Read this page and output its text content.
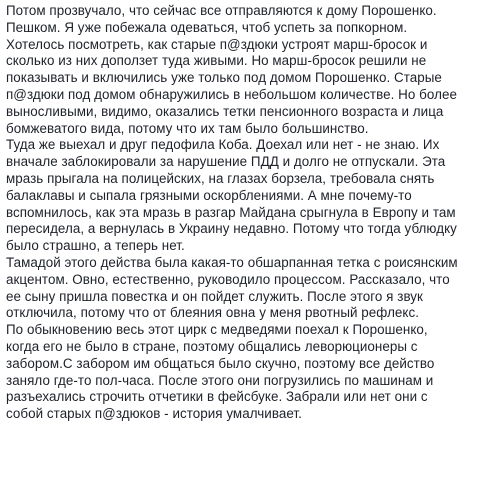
Потом прозвучало, что сейчас все отправляются к дому Порошенко.
Пешком. Я уже побежала одеваться, чтоб успеть за попкорном.
Хотелось посмотреть, как старые п@здюки устроят марш-бросок и
сколько из них доползет туда живыми. Но марш-бросок решили не
показывать и включились уже только под домом Порошенко. Старые
п@здюки под домом обнаружились в небольшом количестве. Но более
выносливыми, видимо, оказались тетки пенсионного возраста и лица
бомжеватого вида, потому что их там было большинство.
Туда же выехал и друг педофила Коба. Доехал или нет - не знаю. Их
вначале заблокировали за нарушение ПДД и долго не отпускали. Эта
мразь прыгала на полицейских, на глазах борзела, требовала снять
балаклавы и сыпала грязными оскорблениями. А мне почему-то
вспомнилось, как эта мразь в разгар Майдана срыгнула в Европу и там
пересидела, а вернулась в Украину недавно. Потому что тогда ублюдку
было страшно, а теперь нет.
Тамадой этого действа была какая-то обшарпанная тетка с роисянским
акцентом. Овно, естественно, руководило процессом. Рассказало, что
ее сыну пришла повестка и он пойдет служить. После этого я звук
отключила, потому что от блеяния овна у меня рвотный рефлекс.
По обыкновению весь этот цирк с медведями поехал к Порошенко,
когда его не было в стране, поэтому общались леворюционеры с
забором.С забором им общаться было скучно, поэтому все действо
заняло где-то пол-часа. После этого они погрузились по машинам и
разъехались строчить отчетики в фейсбуке. Забрали или нет они с
собой старых п@здюков - история умалчивает.
